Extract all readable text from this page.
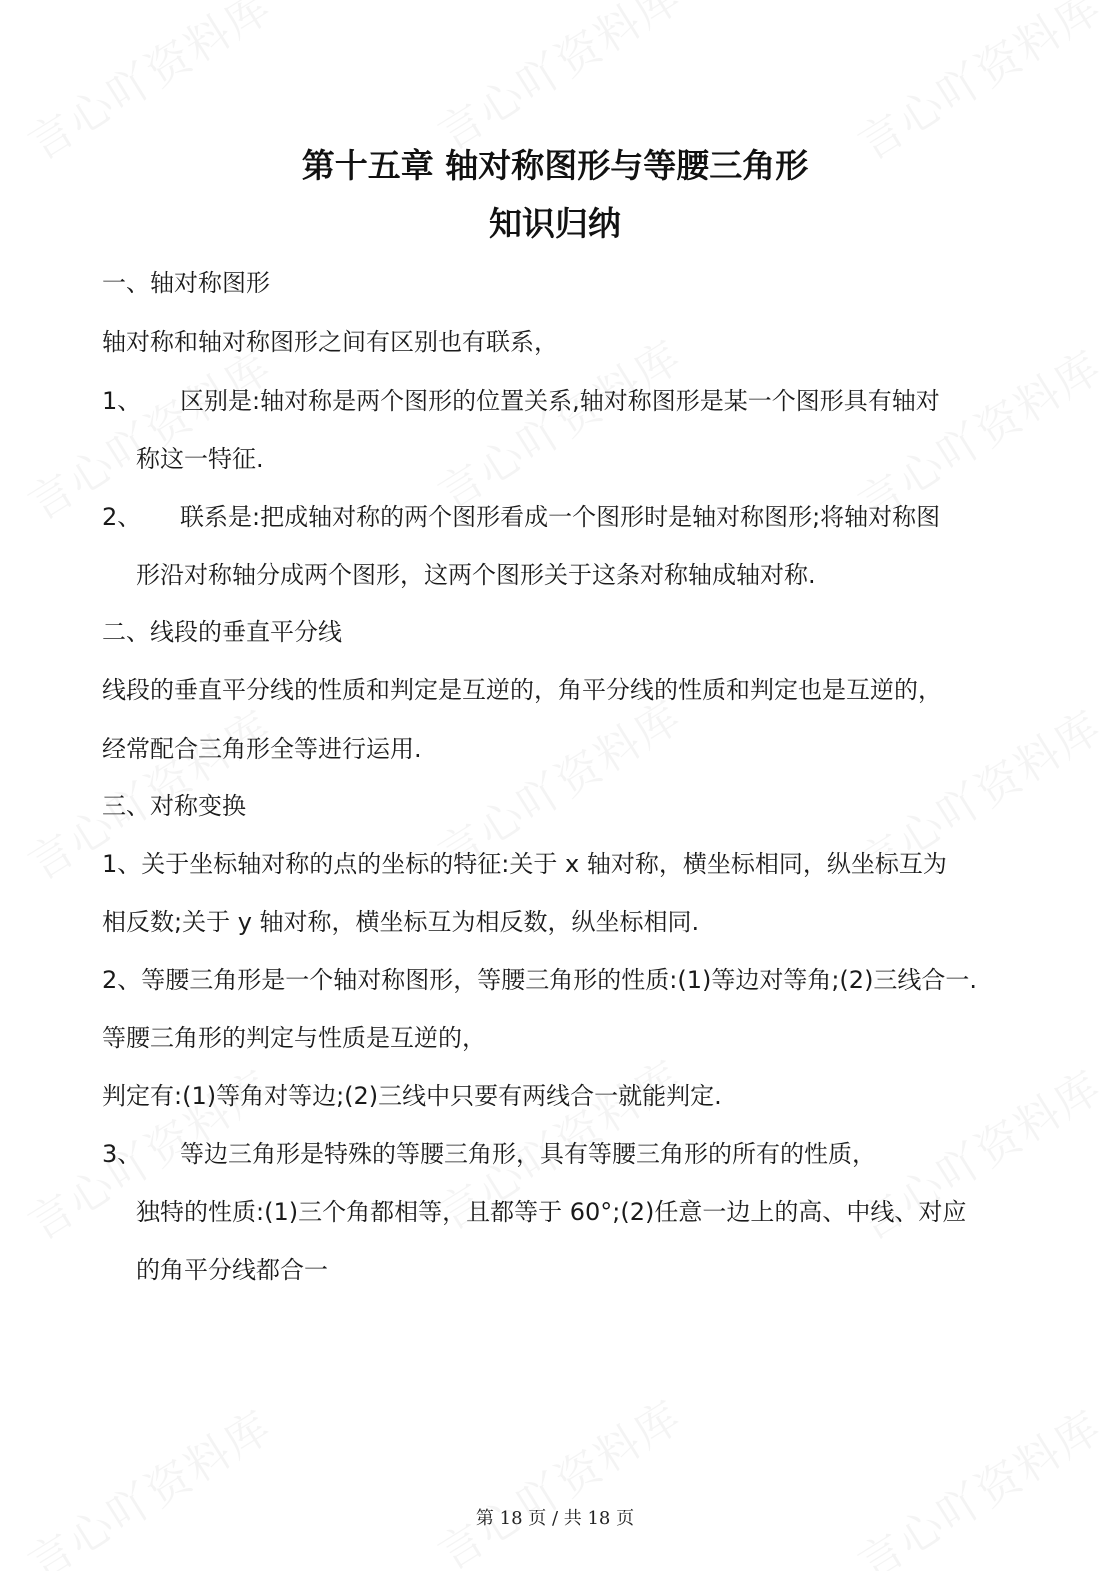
第十五章 轴对称图形与等腰三角形
知识归纳
一、轴对称图形
轴对称和轴对称图形之间有区别也有联系，
1、 区别是:轴对称是两个图形的位置关系,轴对称图形是某一个图形具有轴对
称这一特征.
2、 联系是:把成轴对称的两个图形看成一个图形时是轴对称图形;将轴对称图
形沿对称轴分成两个图形，这两个图形关于这条对称轴成轴对称.
二、线段的垂直平分线
线段的垂直平分线的性质和判定是互逆的，角平分线的性质和判定也是互逆的，
经常配合三角形全等进行运用.
三、对称变换
1、关于坐标轴对称的点的坐标的特征:关于 x 轴对称，横坐标相同，纵坐标互为
相反数;关于 y 轴对称，横坐标互为相反数，纵坐标相同.
2、等腰三角形是一个轴对称图形，等腰三角形的性质:(1)等边对等角;(2)三线合一.
等腰三角形的判定与性质是互逆的，
判定有:(1)等角对等边;(2)三线中只要有两线合一就能判定.
3、 等边三角形是特殊的等腰三角形，具有等腰三角形的所有的性质，
独特的性质:(1)三个角都相等，且都等于 60°;(2)任意一边上的高、中线、对应
的角平分线都合一
第 18 页 / 共 18 页
